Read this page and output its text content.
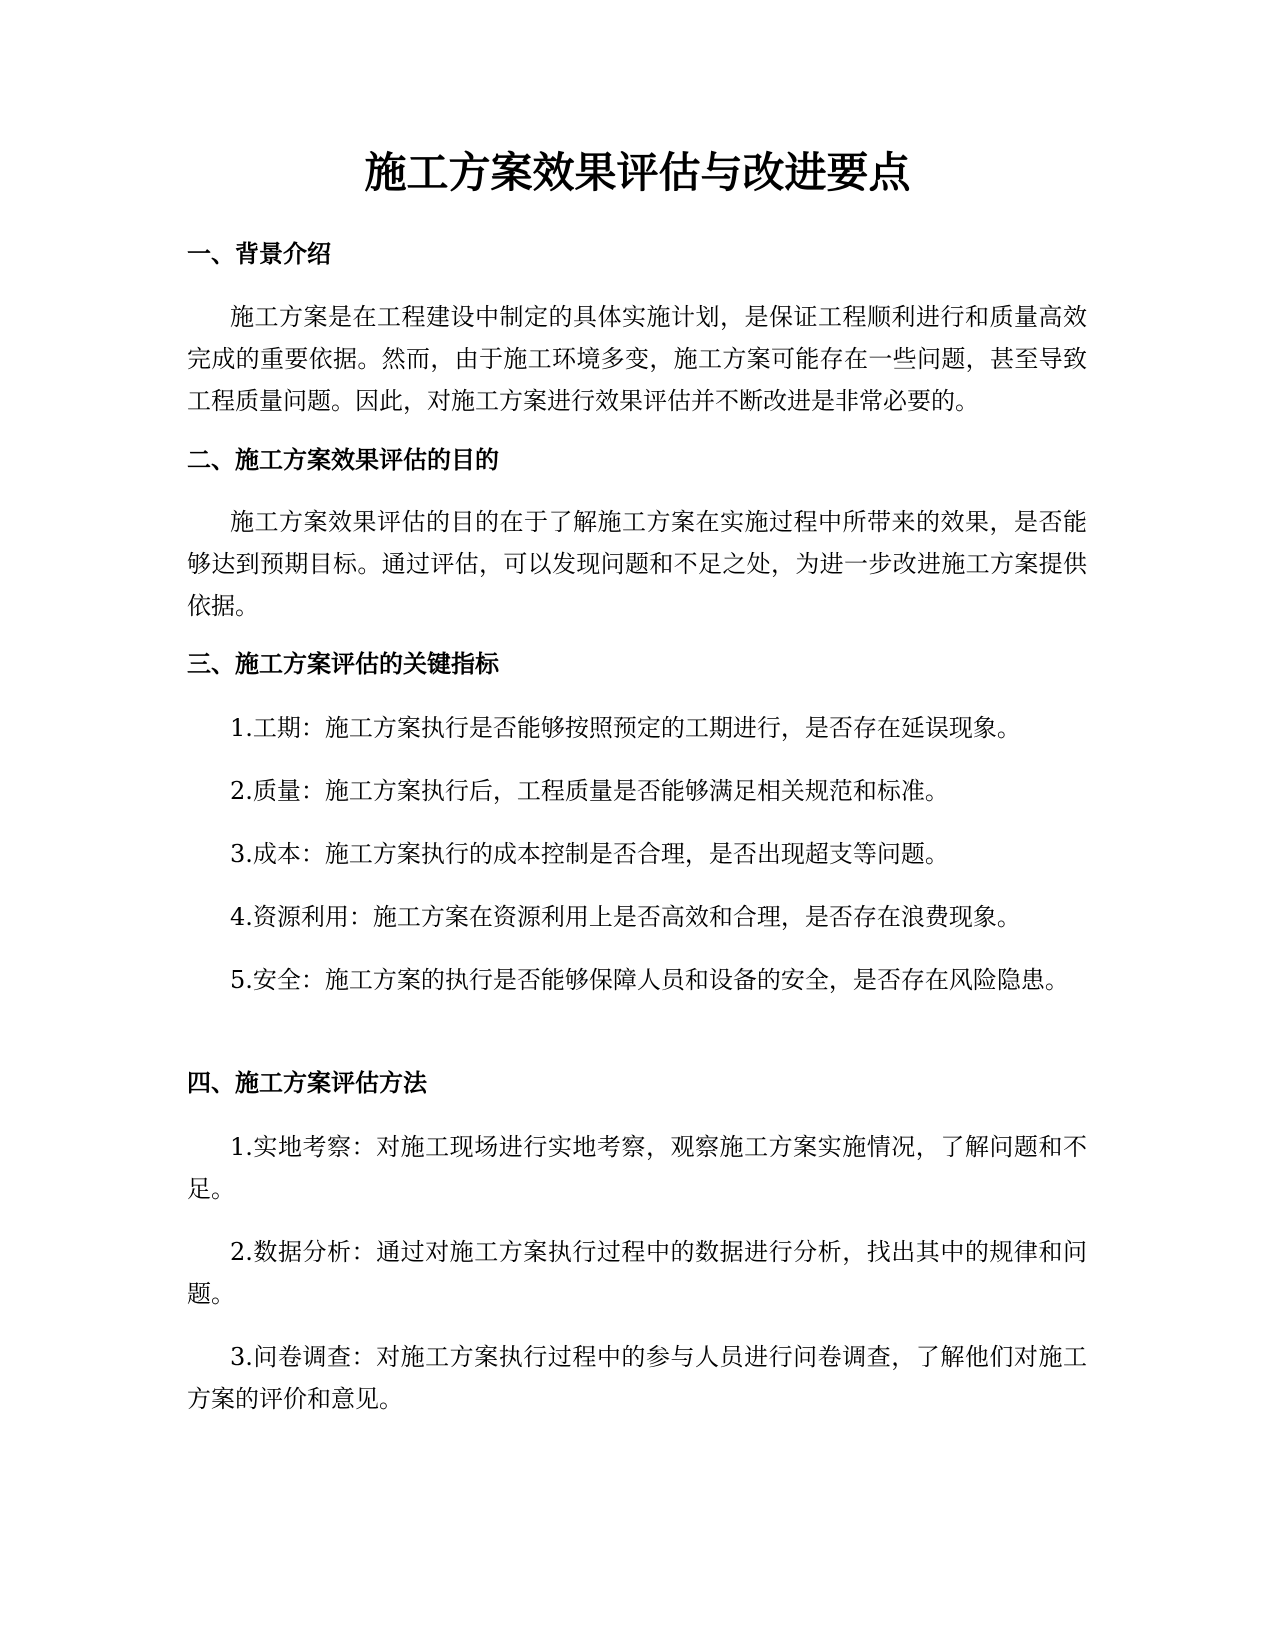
施工方案效果评估与改进要点
一、背景介绍

施工方案是在工程建设中制定的具体实施计划，是保证工程顺利进行和质量高效完成的重要依据。然而，由于施工环境多变，施工方案可能存在一些问题，甚至导致工程质量问题。因此，对施工方案进行效果评估并不断改进是非常必要的。

二、施工方案效果评估的目的

施工方案效果评估的目的在于了解施工方案在实施过程中所带来的效果，是否能够达到预期目标。通过评估，可以发现问题和不足之处，为进一步改进施工方案提供依据。

三、施工方案评估的关键指标

1.工期：施工方案执行是否能够按照预定的工期进行，是否存在延误现象。

2.质量：施工方案执行后，工程质量是否能够满足相关规范和标准。

3.成本：施工方案执行的成本控制是否合理，是否出现超支等问题。

4.资源利用：施工方案在资源利用上是否高效和合理，是否存在浪费现象。

5.安全：施工方案的执行是否能够保障人员和设备的安全，是否存在风险隐患。

四、施工方案评估方法

1.实地考察：对施工现场进行实地考察，观察施工方案实施情况，了解问题和不足。

2.数据分析：通过对施工方案执行过程中的数据进行分析，找出其中的规律和问题。

3.问卷调查：对施工方案执行过程中的参与人员进行问卷调查，了解他们对施工方案的评价和意见。
